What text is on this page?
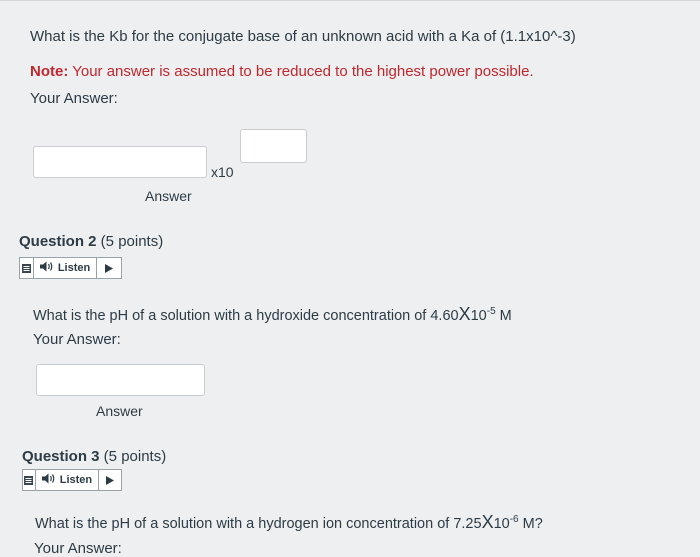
What is the Kb for the conjugate base of an unknown acid with a Ka of (1.1x10^-3)
Note: Your answer is assumed to be reduced to the highest power possible.
Your Answer:
x10
Answer
Question 2 (5 points)
Listen
What is the pH of a solution with a hydroxide concentration of $4.60X10^{-5}$ M
Your Answer:
Answer
Question 3 (5 points)
Listen
What is the pH of a solution with a hydrogen ion concentration of $7.25X10^{-6}$ M?
Your Answer:
